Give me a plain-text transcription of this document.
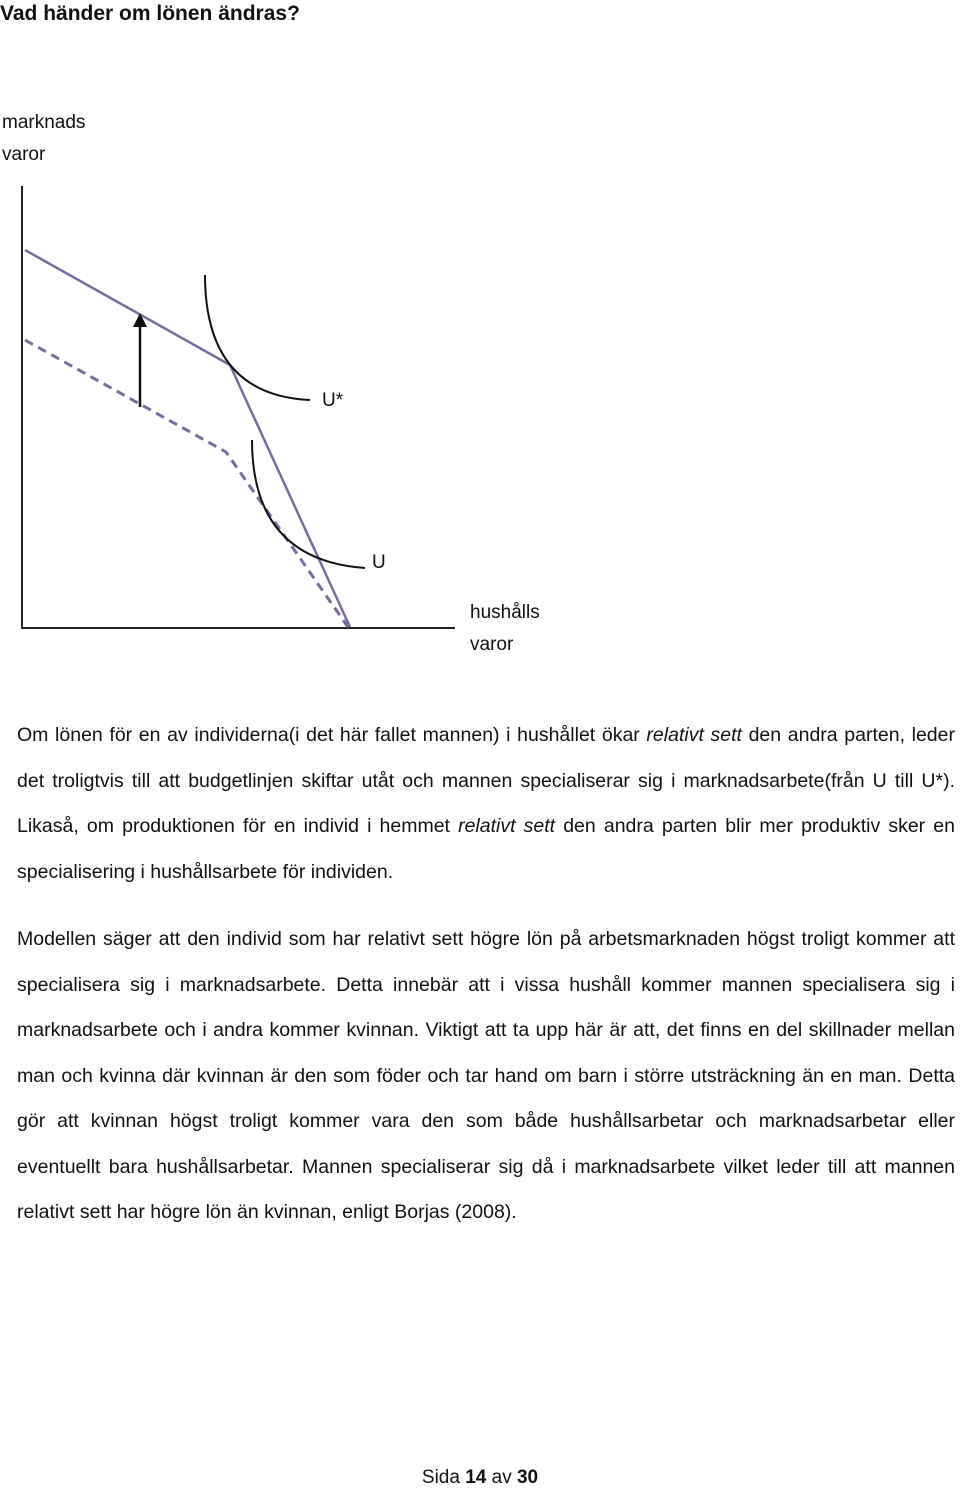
Vad händer om lönen ändras?
marknads
varor
U*
U
hushålls
varor

Om lönen för en av individerna(i det här fallet mannen) i hushållet ökar relativt sett den andra parten, leder det troligtvis till att budgetlinjen skiftar utåt och mannen specialiserar sig i marknadsarbete(från U till U*). Likaså, om produktionen för en individ i hemmet relativt sett den andra parten blir mer produktiv sker en specialisering i hushållsarbete för individen.

Modellen säger att den individ som har relativt sett högre lön på arbetsmarknaden högst troligt kommer att specialisera sig i marknadsarbete. Detta innebär att i vissa hushåll kommer mannen specialisera sig i marknadsarbete och i andra kommer kvinnan. Viktigt att ta upp här är att, det finns en del skillnader mellan man och kvinna där kvinnan är den som föder och tar hand om barn i större utsträckning än en man. Detta gör att kvinnan högst troligt kommer vara den som både hushållsarbetar och marknadsarbetar eller eventuellt bara hushållsarbetar. Mannen specialiserar sig då i marknadsarbete vilket leder till att mannen relativt sett har högre lön än kvinnan, enligt Borjas (2008).

Sida 14 av 30
